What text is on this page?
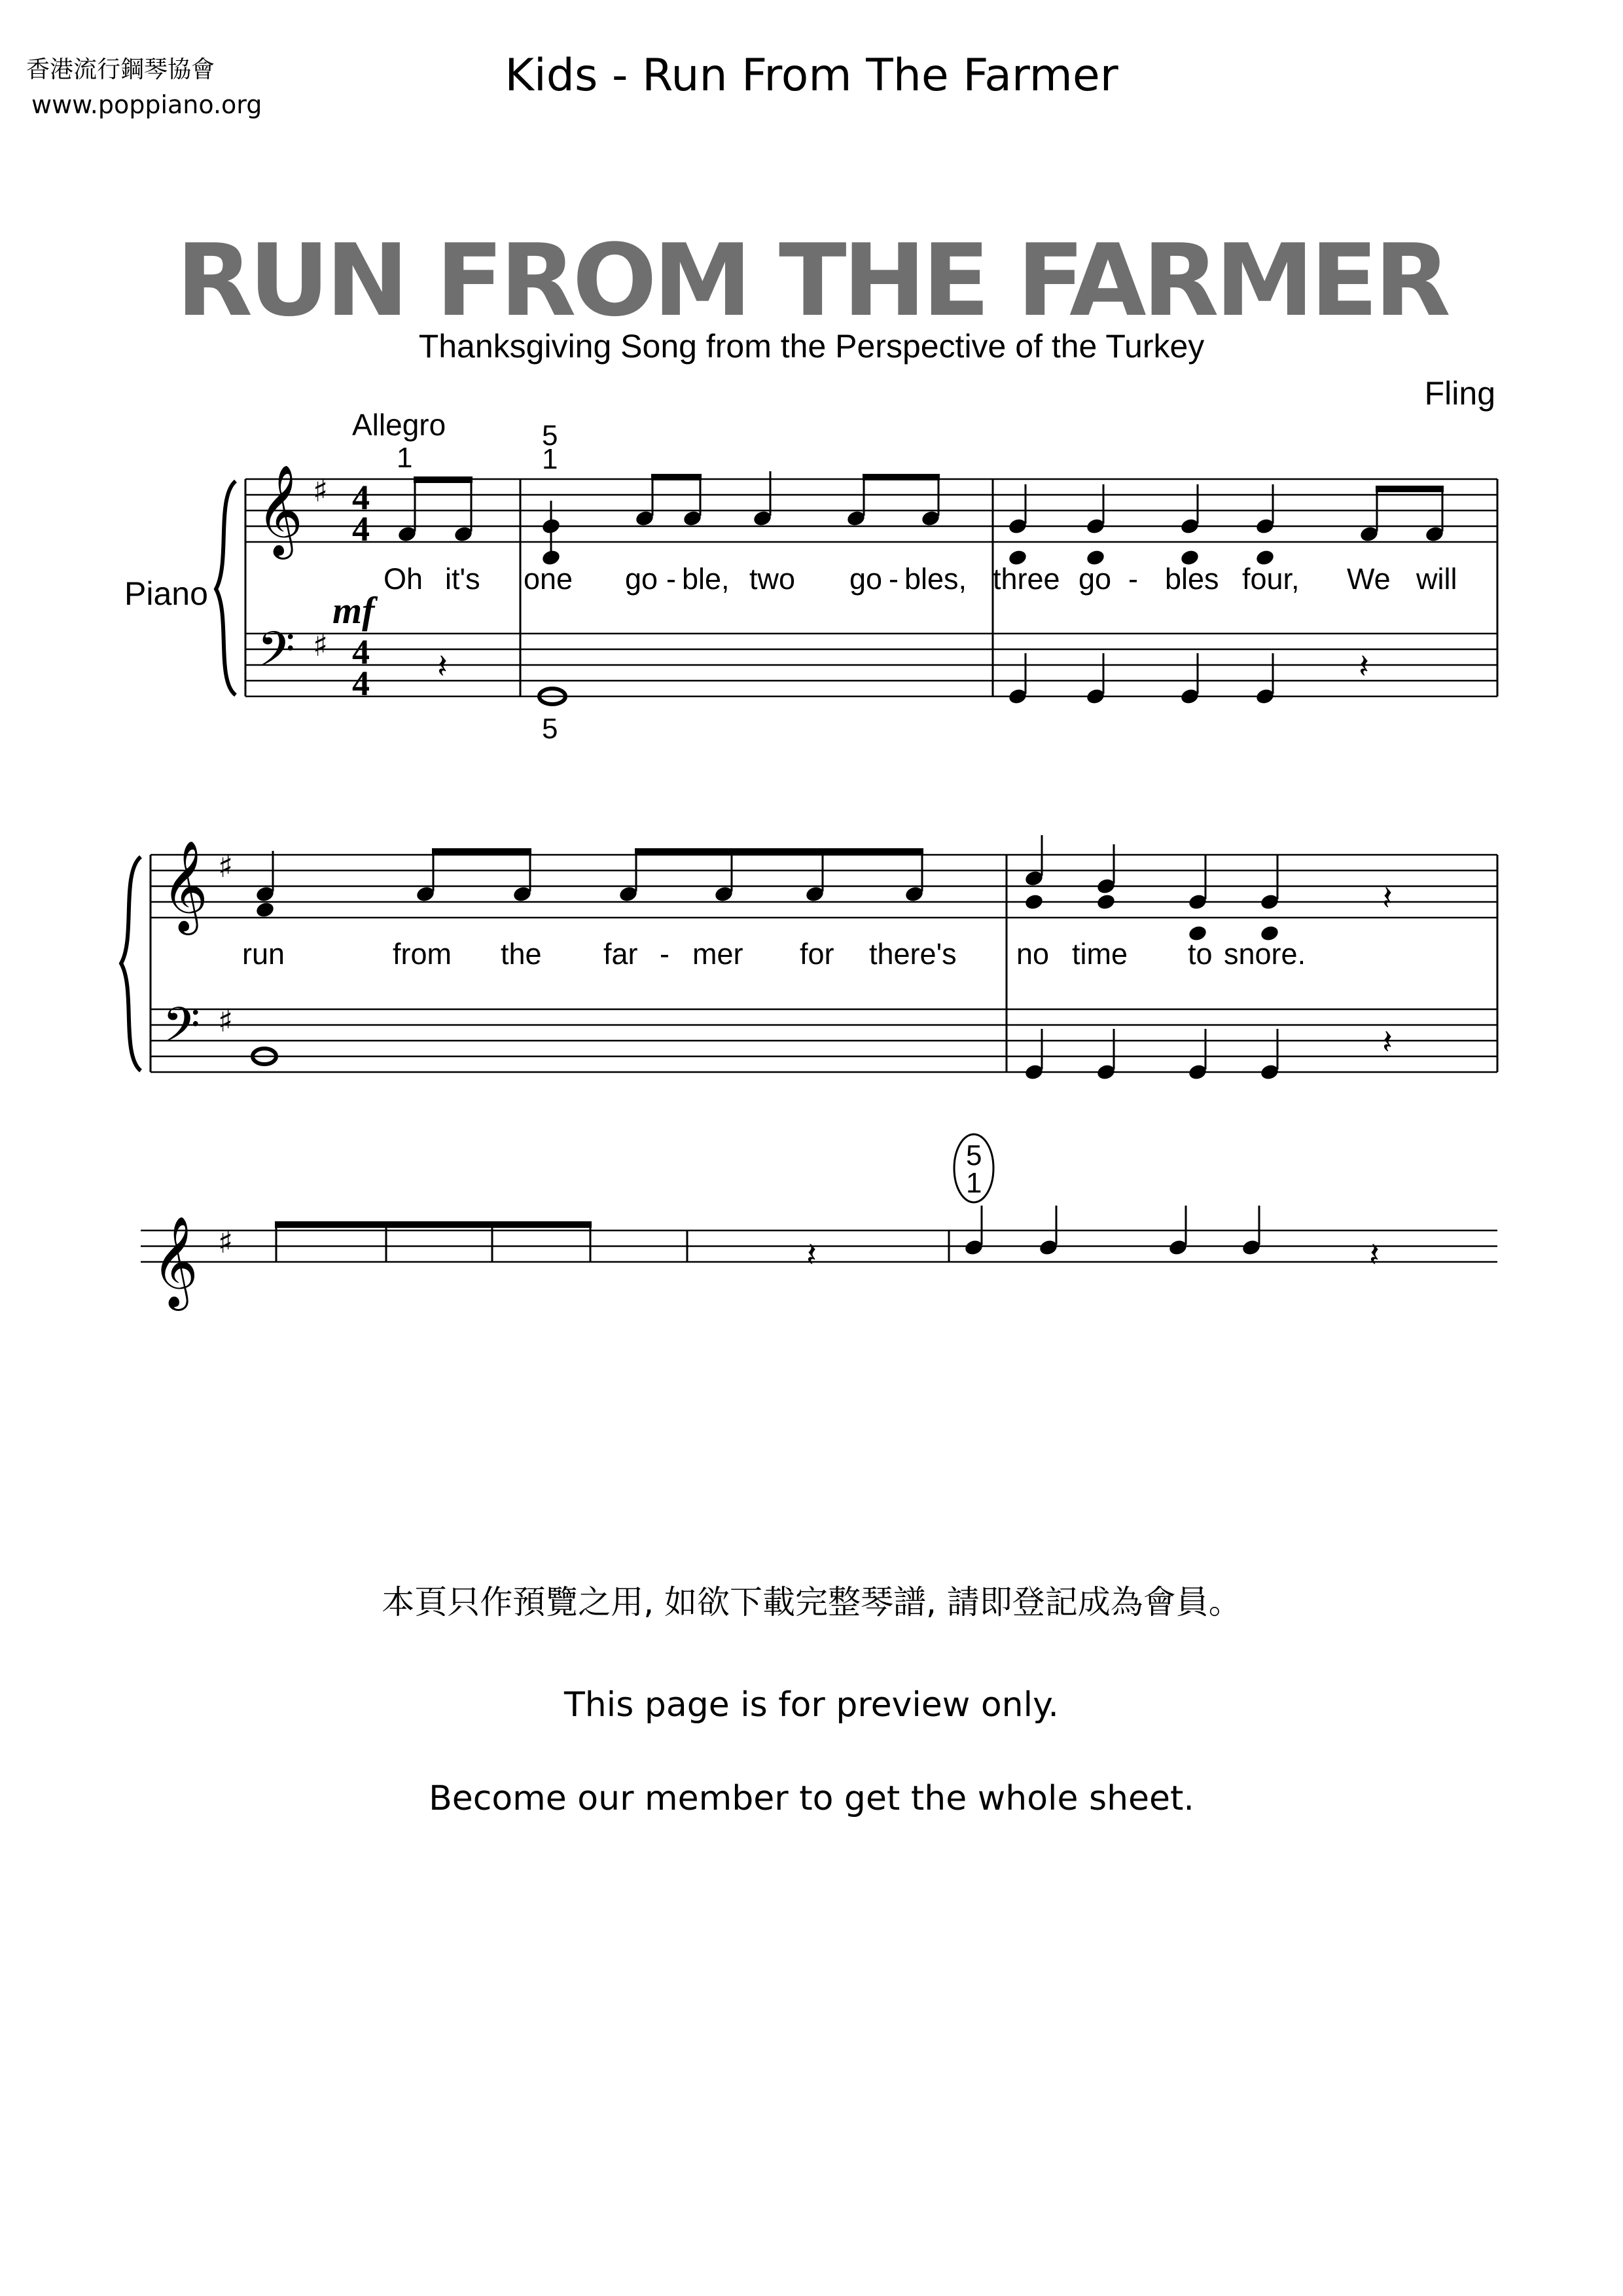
香港流行鋼琴協會
www.poppiano.org
Kids - Run From The Farmer
RUN FROM THE FARMER
Thanksgiving Song from the Perspective of the Turkey
Fling
Allegro
Piano
𝄞
𝄢
♯
♯
4
4
4
4
mf
1
5
1
5
𝄽	𝄽
Oh it's one go - ble, two go - bles, three go - bles four, We will
𝄞
𝄢
♯
♯
𝄽
𝄽
run	from the far - mer for there's no time to snore.
𝄞 ♯	𝄽	𝄽
5
1
本頁只作預覽之用, 如欲下載完整琴譜, 請即登記成為會員。
This page is for preview only.
Become our member to get the whole sheet.
